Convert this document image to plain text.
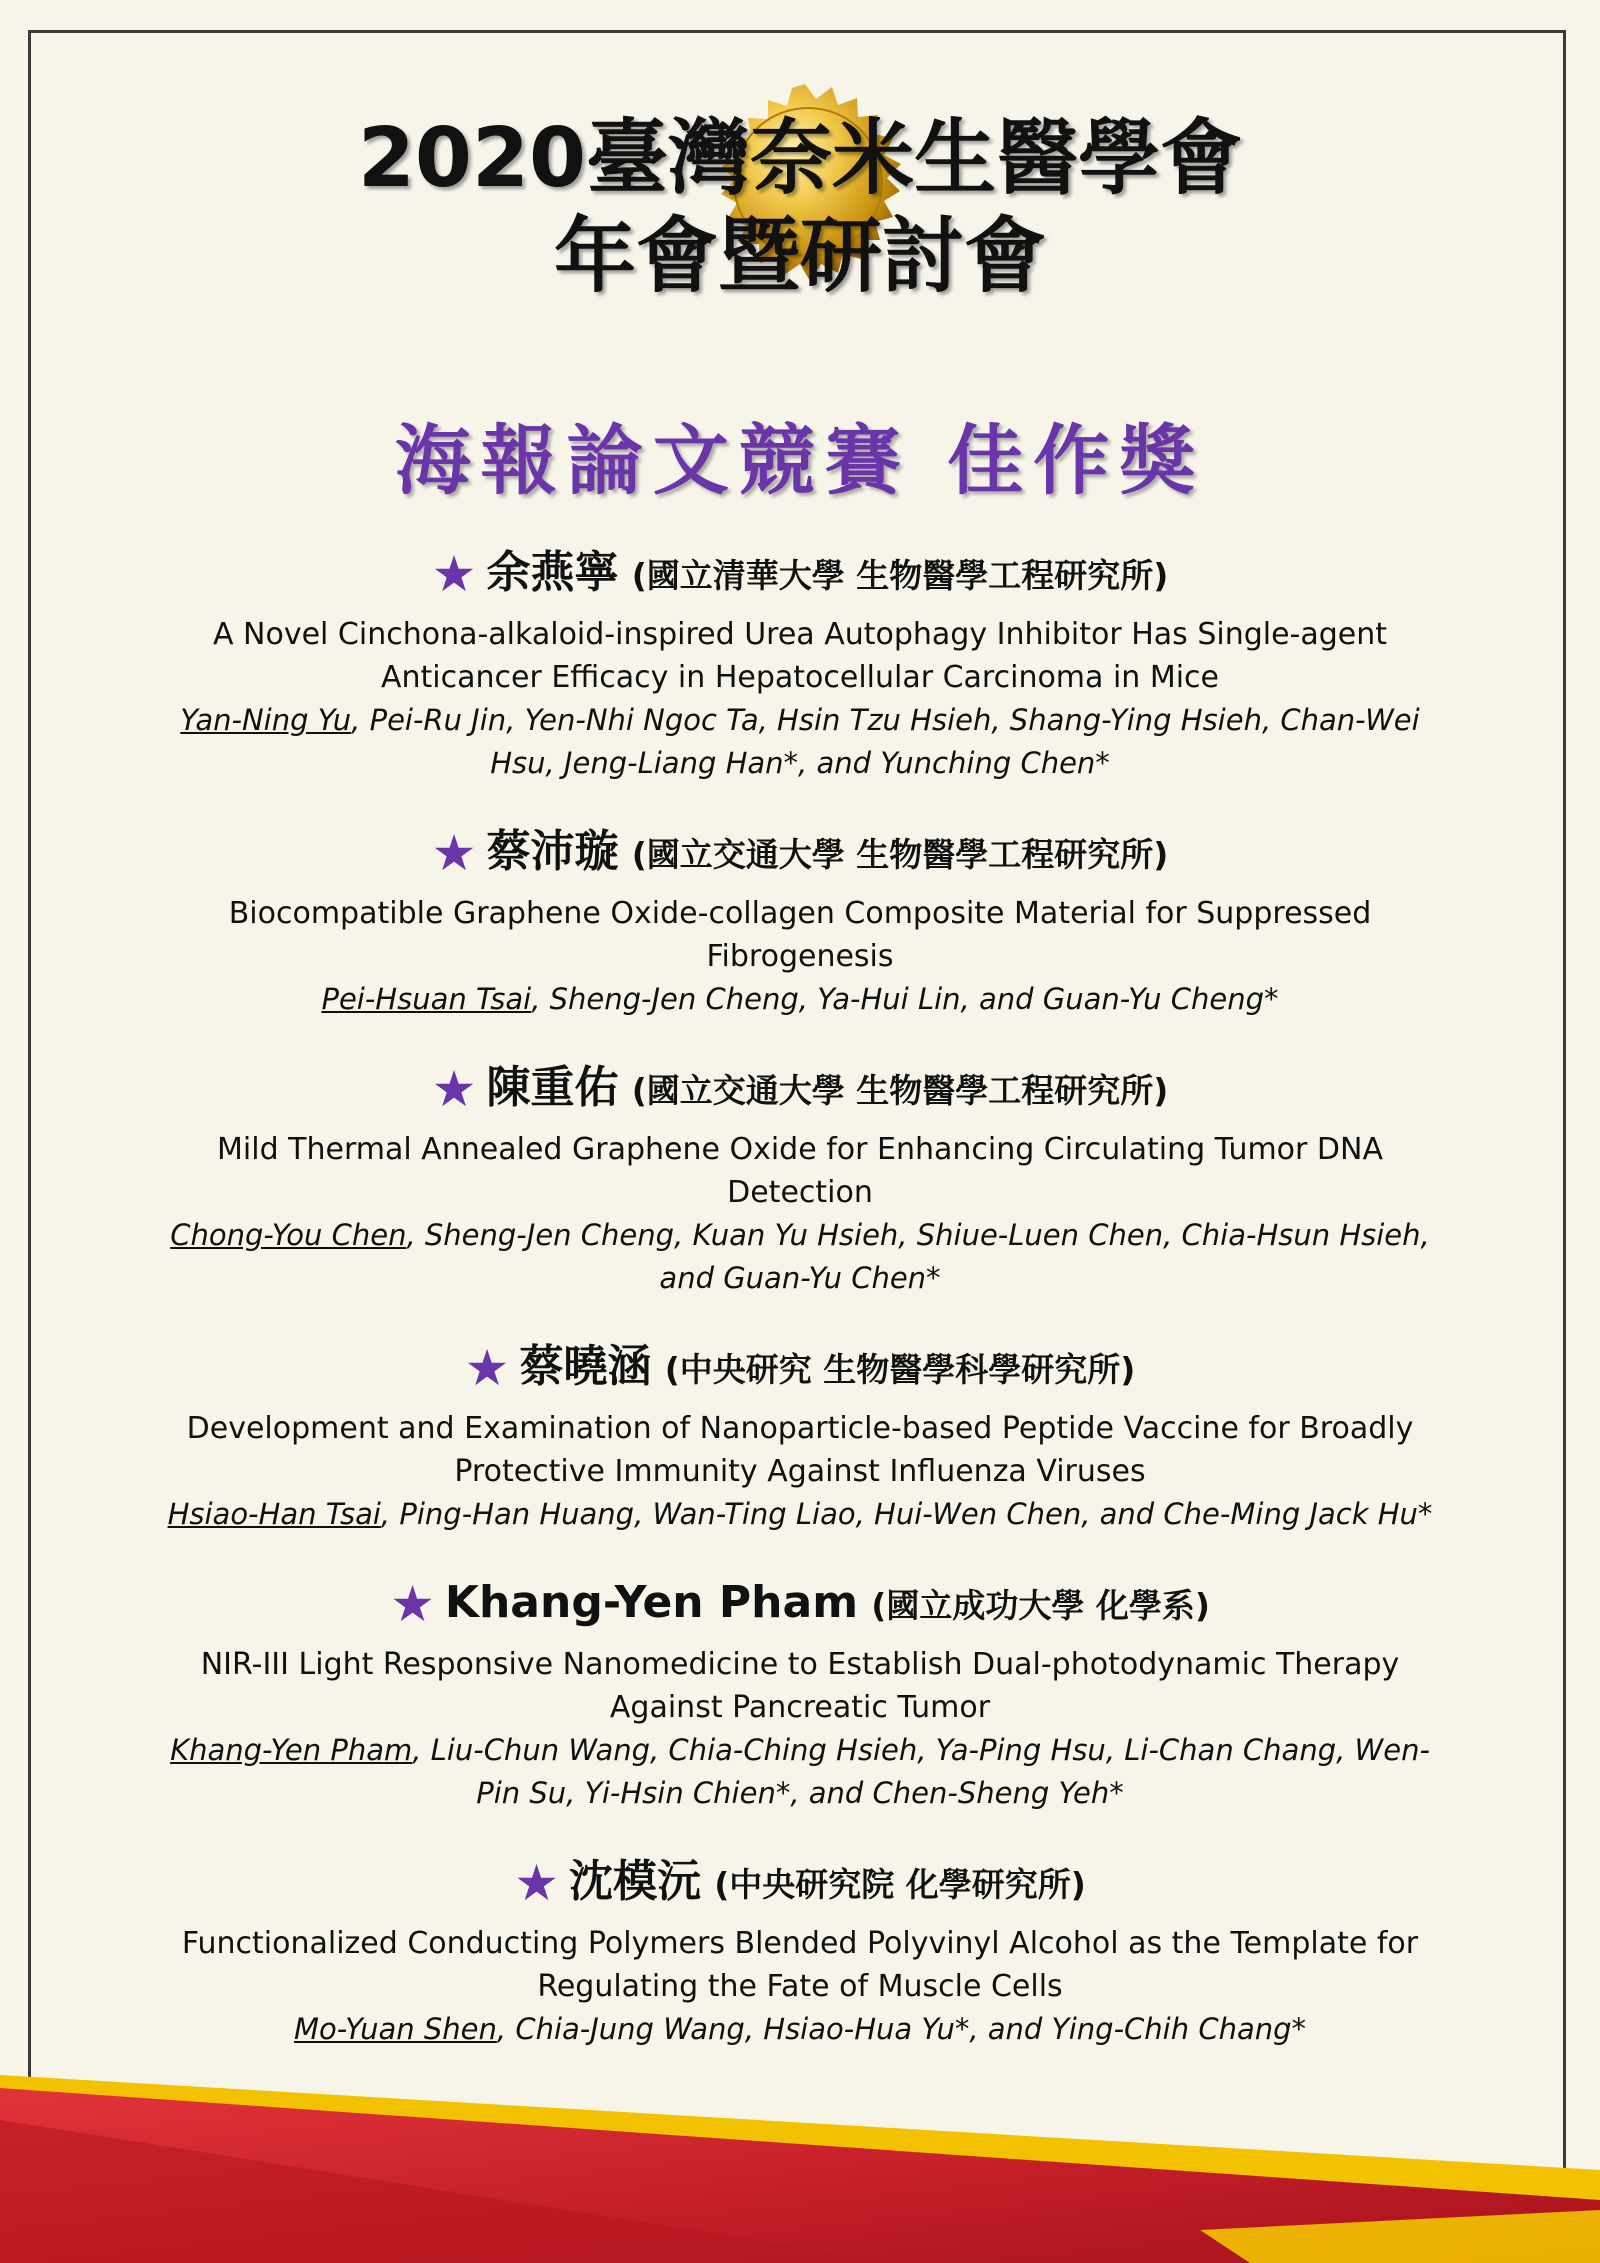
2020臺灣奈米生醫學會
年會暨研討會
海報論文競賽 佳作獎
★ 余燕寧 (國立清華大學 生物醫學工程研究所)
A Novel Cinchona-alkaloid-inspired Urea Autophagy Inhibitor Has Single-agent Anticancer Efficacy in Hepatocellular Carcinoma in Mice
Yan-Ning Yu, Pei-Ru Jin, Yen-Nhi Ngoc Ta, Hsin Tzu Hsieh, Shang-Ying Hsieh, Chan-Wei Hsu, Jeng-Liang Han*, and Yunching Chen*
★ 蔡沛璇 (國立交通大學 生物醫學工程研究所)
Biocompatible Graphene Oxide-collagen Composite Material for Suppressed Fibrogenesis
Pei-Hsuan Tsai, Sheng-Jen Cheng, Ya-Hui Lin, and Guan-Yu Cheng*
★ 陳重佑 (國立交通大學 生物醫學工程研究所)
Mild Thermal Annealed Graphene Oxide for Enhancing Circulating Tumor DNA Detection
Chong-You Chen, Sheng-Jen Cheng, Kuan Yu Hsieh, Shiue-Luen Chen, Chia-Hsun Hsieh, and Guan-Yu Chen*
★ 蔡曉涵 (中央研究 生物醫學科學研究所)
Development and Examination of Nanoparticle-based Peptide Vaccine for Broadly Protective Immunity Against Influenza Viruses
Hsiao-Han Tsai, Ping-Han Huang, Wan-Ting Liao, Hui-Wen Chen, and Che-Ming Jack Hu*
★ Khang-Yen Pham (國立成功大學 化學系)
NIR-III Light Responsive Nanomedicine to Establish Dual-photodynamic Therapy Against Pancreatic Tumor
Khang-Yen Pham, Liu-Chun Wang, Chia-Ching Hsieh, Ya-Ping Hsu, Li-Chan Chang, Wen-Pin Su, Yi-Hsin Chien*, and Chen-Sheng Yeh*
★ 沈模沅 (中央研究院 化學研究所)
Functionalized Conducting Polymers Blended Polyvinyl Alcohol as the Template for Regulating the Fate of Muscle Cells
Mo-Yuan Shen, Chia-Jung Wang, Hsiao-Hua Yu*, and Ying-Chih Chang*
